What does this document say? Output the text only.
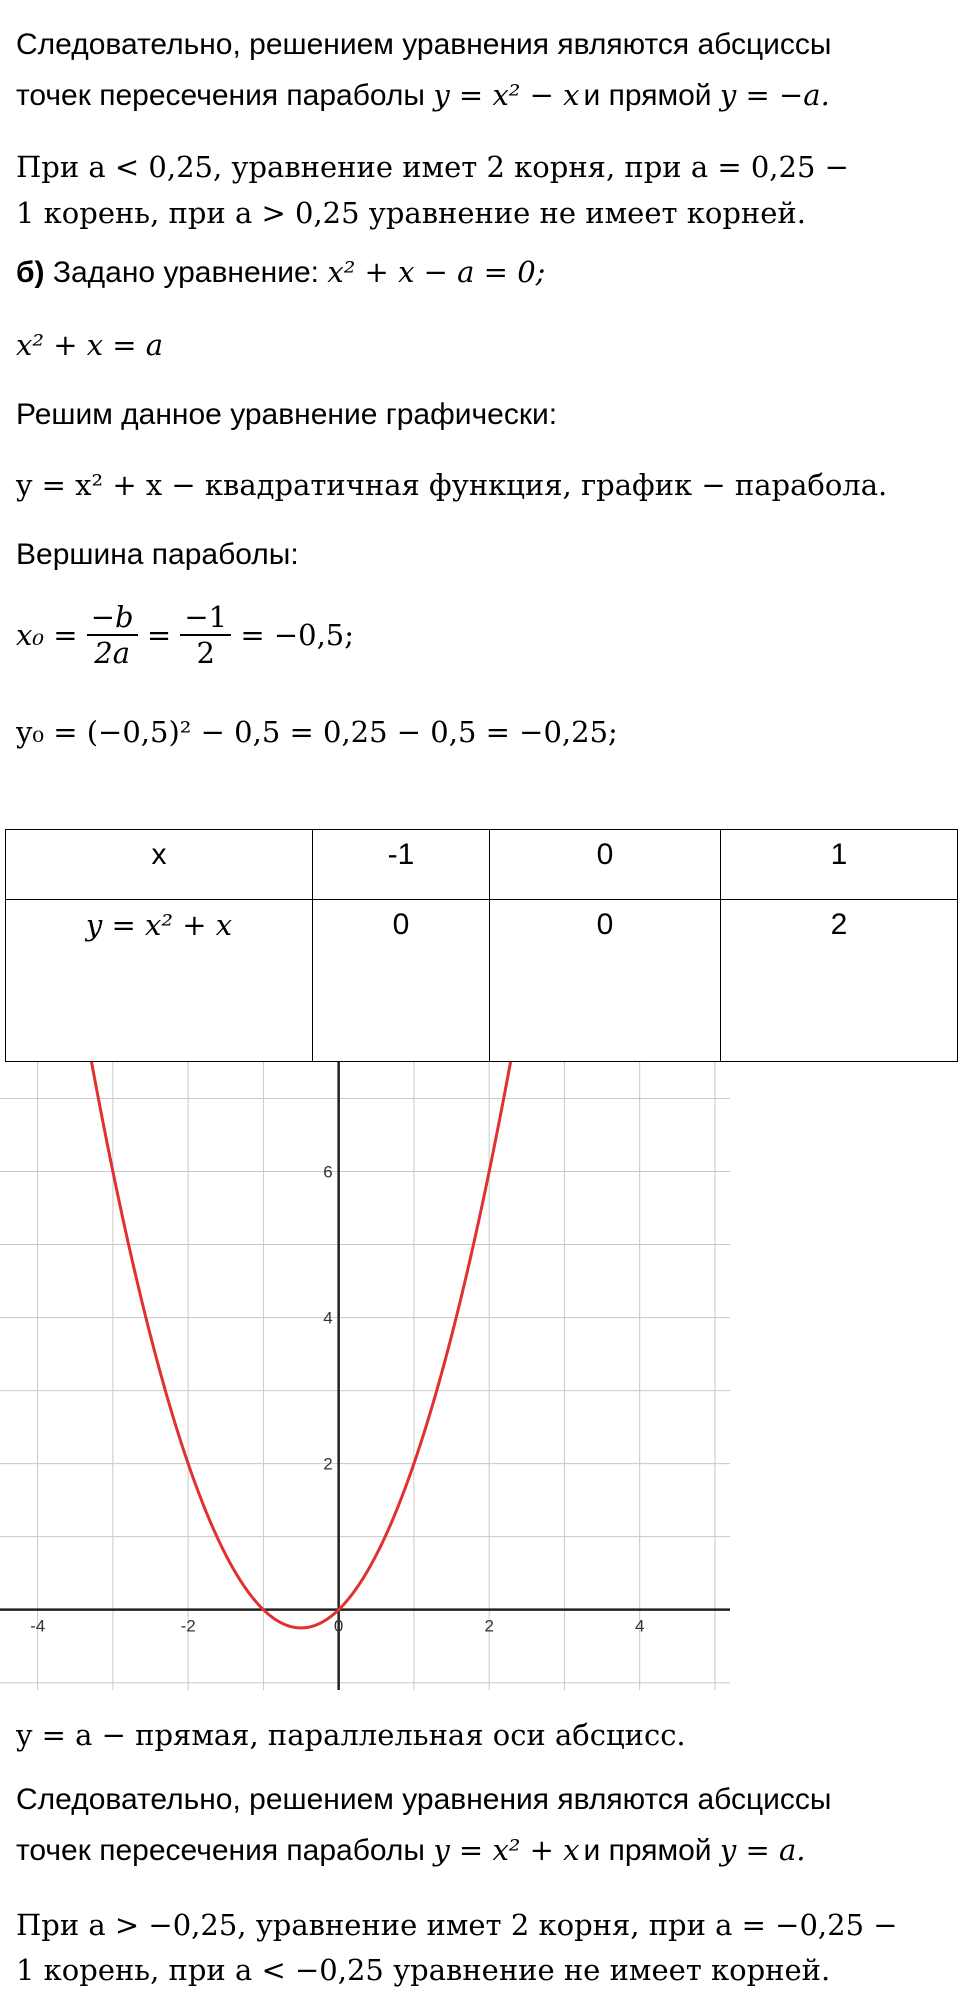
Следовательно, решением уравнения являются абсциссы
точек пересечения параболы y = x² − x и прямой y = −a.
При a < 0,25, уравнение имет 2 корня, при a = 0,25 −
1 корень, при a > 0,25 уравнение не имеет корней.
б) Задано уравнение: x² + x − a = 0;
x² + x = a
Решим данное уравнение графически:
y = x² + x − квадратичная функция, график − парабола.
Вершина параболы:
$x_0 = \frac{-b}{2a} = \frac{-1}{2} = -0,5$;
y₀ = (−0,5)² − 0,5 = 0,25 − 0,5 = −0,25;
x	-1	0	1
y = x² + x	0	0	2
-4	-2	0	2	4
2
4
6
y = a − прямая, параллельная оси абсцисс.
Следовательно, решением уравнения являются абсциссы
точек пересечения параболы y = x² + x и прямой y = a.
При a > −0,25, уравнение имет 2 корня, при a = −0,25 −
1 корень, при a < −0,25 уравнение не имеет корней.
